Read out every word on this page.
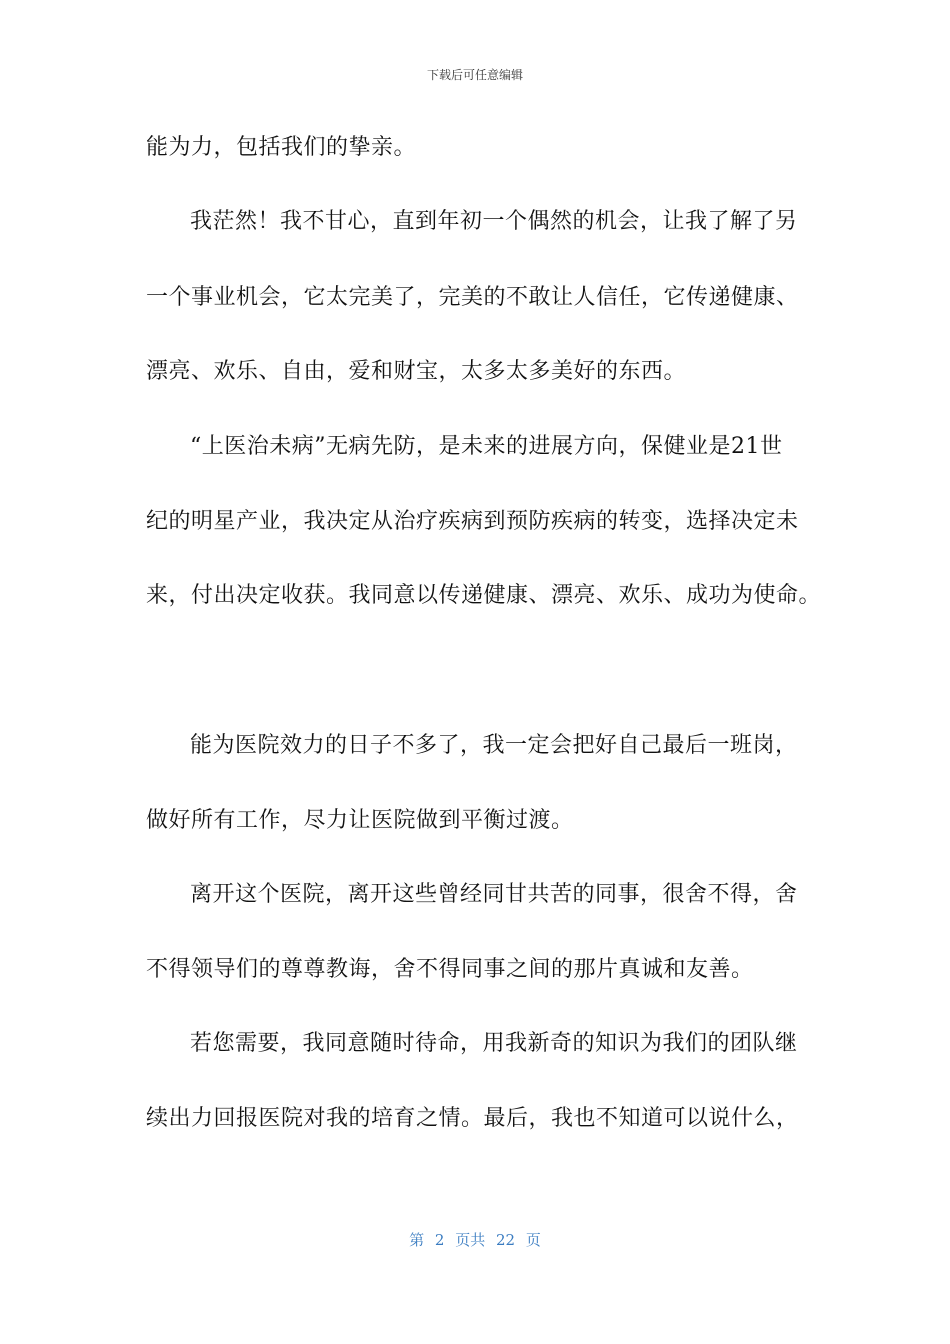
下载后可任意编辑
能为力，包括我们的挚亲。
我茫然！我不甘心，直到年初一个偶然的机会，让我了解了另
一个事业机会，它太完美了，完美的不敢让人信任，它传递健康、
漂亮、欢乐、自由，爱和财宝，太多太多美好的东西。
“上医治未病”无病先防，是未来的进展方向，保健业是21世
纪的明星产业，我决定从治疗疾病到预防疾病的转变，选择决定未
来，付出决定收获。我同意以传递健康、漂亮、欢乐、成功为使命。
能为医院效力的日子不多了，我一定会把好自己最后一班岗，
做好所有工作，尽力让医院做到平衡过渡。
离开这个医院，离开这些曾经同甘共苦的同事，很舍不得，舍
不得领导们的尊尊教诲，舍不得同事之间的那片真诚和友善。
若您需要，我同意随时待命，用我新奇的知识为我们的团队继
续出力回报医院对我的培育之情。最后，我也不知道可以说什么，
第 2 页共 22 页
